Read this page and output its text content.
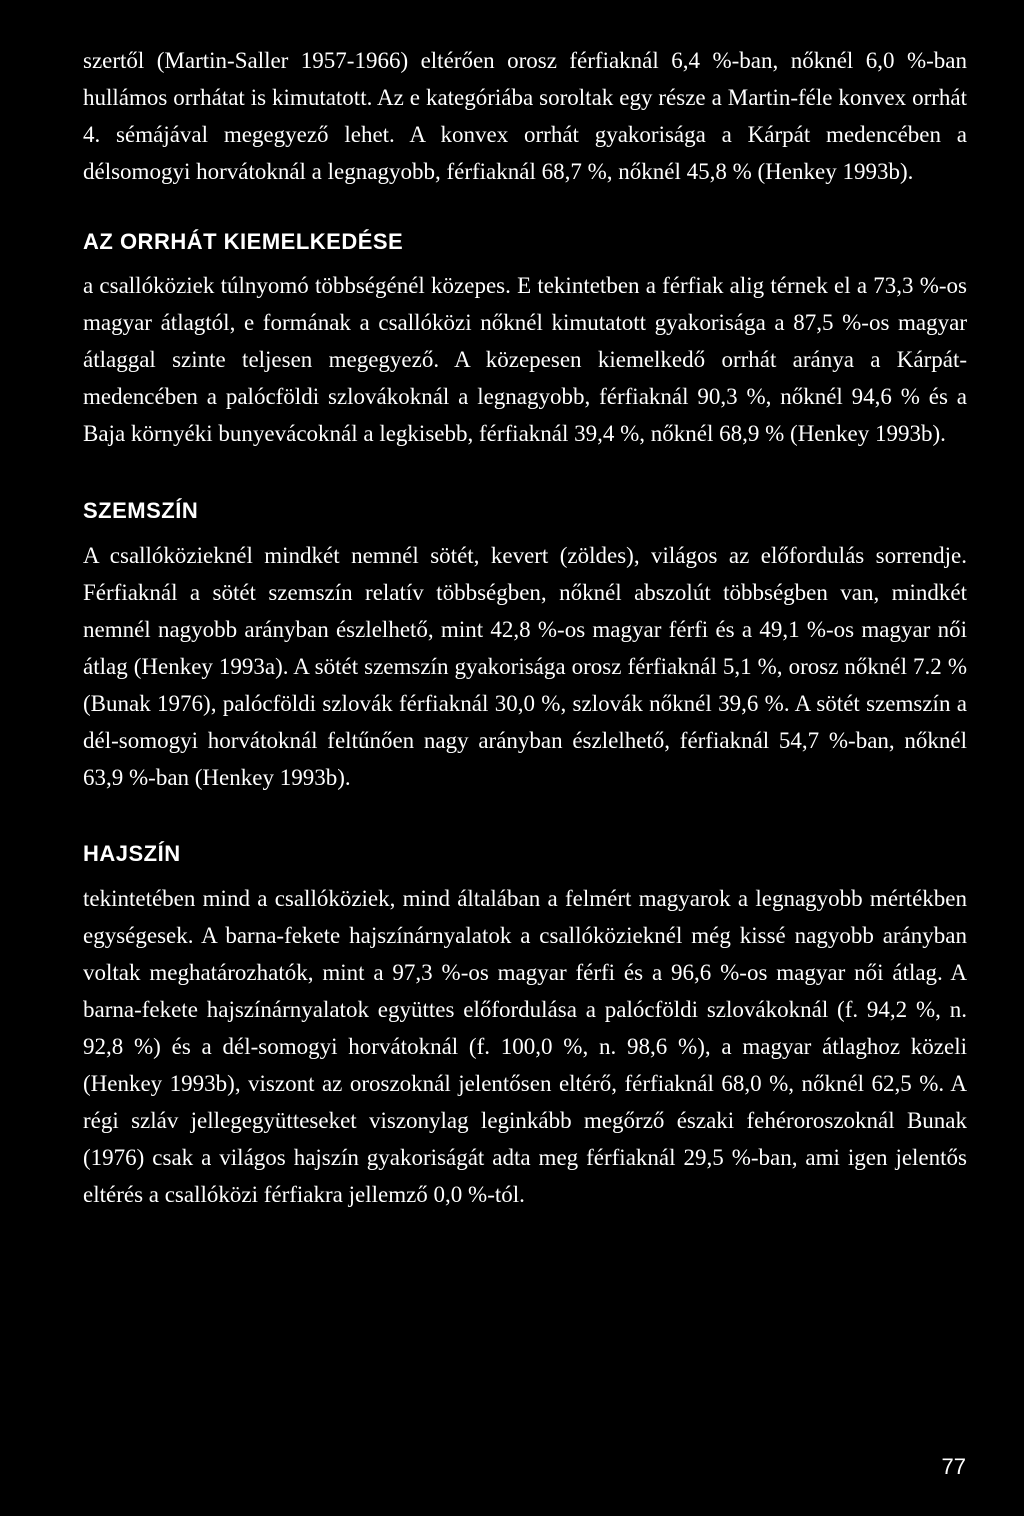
szertől (Martin-Saller 1957-1966) eltérően orosz férfiaknál 6,4 %-ban, nőknél 6,0 %-ban hullámos orrhátat is kimutatott. Az e kategóriába soroltak egy része a Martin-féle konvex orrhát 4. sémájával megegyező lehet. A konvex orrhát gyakorisága a Kárpát medencében a délsomogyi horvátoknál a legnagyobb, férfiaknál 68,7 %, nőknél 45,8 % (Henkey 1993b).

AZ ORRHÁT KIEMELKEDÉSE

a csallóköziek túlnyomó többségénél közepes. E tekintetben a férfiak alig térnek el a 73,3 %-os magyar átlagtól, e formának a csallóközi nőknél kimutatott gyakorisága a 87,5 %-os magyar átlaggal szinte teljesen megegyező. A közepesen kiemelkedő orrhát aránya a Kárpát-medencében a palócföldi szlovákoknál a legnagyobb, férfiaknál 90,3 %, nőknél 94,6 % és a Baja környéki bunyevácoknál a legkisebb, férfiaknál 39,4 %, nőknél 68,9 % (Henkey 1993b).

SZEMSZÍN

A csallóközieknél mindkét nemnél sötét, kevert (zöldes), világos az előfordulás sorrendje. Férfiaknál a sötét szemszín relatív többségben, nőknél abszolút többségben van, mindkét nemnél nagyobb arányban észlelhető, mint 42,8 %-os magyar férfi és a 49,1 %-os magyar női átlag (Henkey 1993a). A sötét szemszín gyakorisága orosz férfiaknál 5,1 %, orosz nőknél 7.2 % (Bunak 1976), palócföldi szlovák férfiaknál 30,0 %, szlovák nőknél 39,6 %. A sötét szemszín a dél-somogyi horvátoknál feltűnően nagy arányban észlelhető, férfiaknál 54,7 %-ban, nőknél 63,9 %-ban (Henkey 1993b).

HAJSZÍN

tekintetében mind a csallóköziek, mind általában a felmért magyarok a legnagyobb mértékben egységesek. A barna-fekete hajszínárnyalatok a csallóközieknél még kissé nagyobb arányban voltak meghatározhatók, mint a 97,3 %-os magyar férfi és a 96,6 %-os magyar női átlag. A barna-fekete hajszínárnyalatok együttes előfordulása a palócföldi szlovákoknál (f. 94,2 %, n. 92,8 %) és a dél-somogyi horvátoknál (f. 100,0 %, n. 98,6 %), a magyar átlaghoz közeli (Henkey 1993b), viszont az oroszoknál jelentősen eltérő, férfiaknál 68,0 %, nőknél 62,5 %. A régi szláv jellegegyütteseket viszonylag leginkább megőrző északi fehéroroszoknál Bunak (1976) csak a világos hajszín gyakoriságát adta meg férfiaknál 29,5 %-ban, ami igen jelentős eltérés a csallóközi férfiakra jellemző 0,0 %-tól.

77
